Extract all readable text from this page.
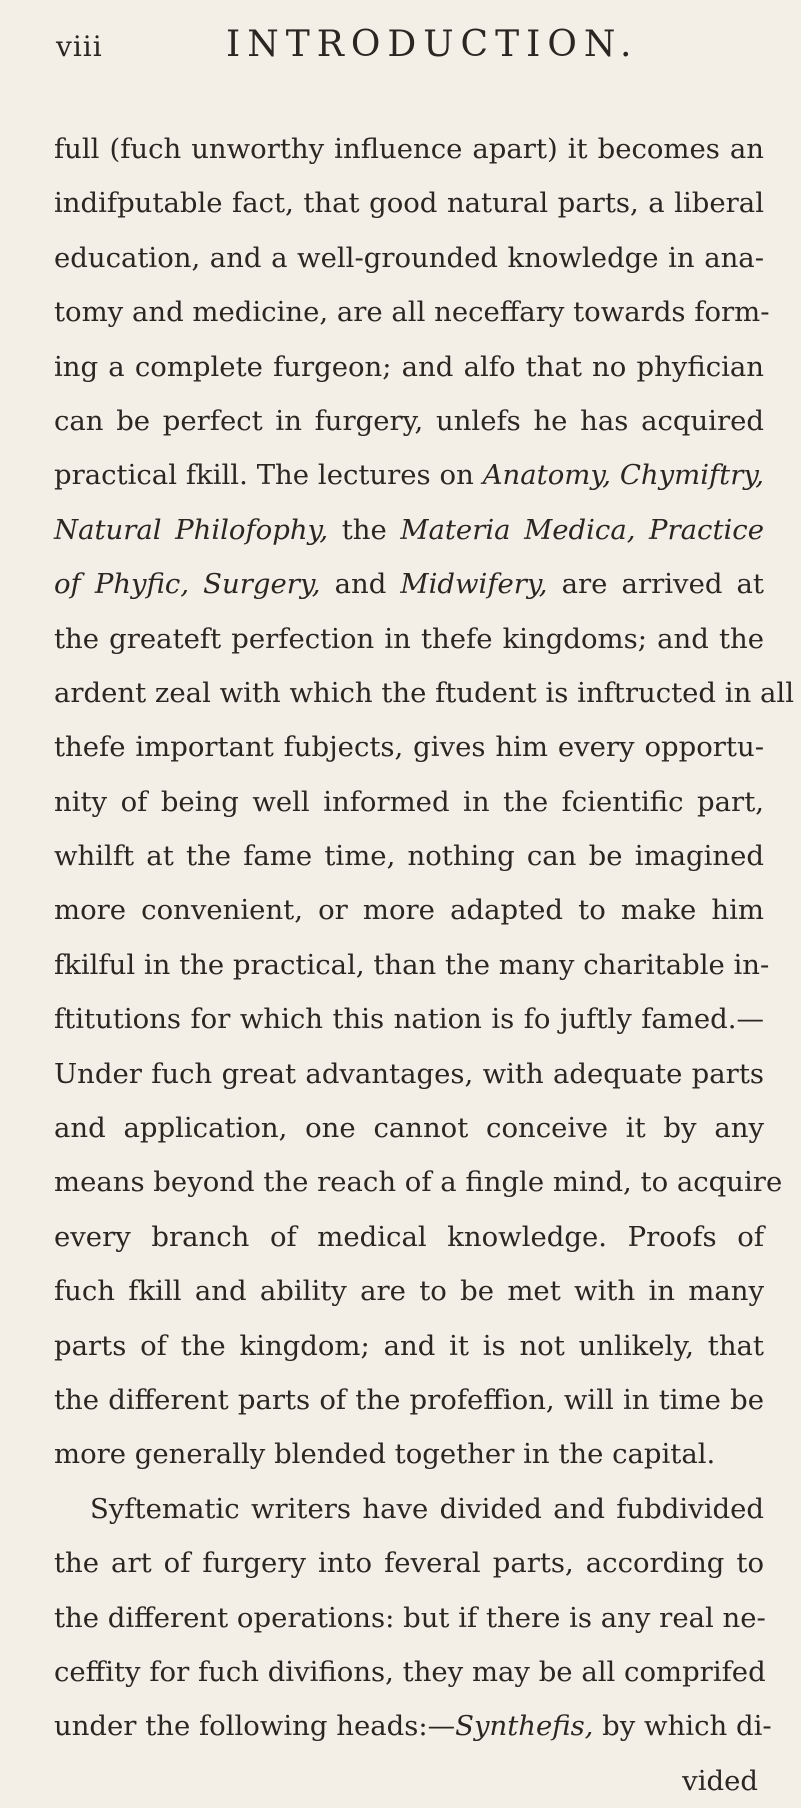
viii	INTRODUCTION.
full (fuch unworthy influence apart) it becomes an
indifputable fact, that good natural parts, a liberal
education, and a well-grounded knowledge in ana-
tomy and medicine, are all neceffary towards form-
ing a complete furgeon; and alfo that no phyfician
can be perfect in furgery, unlefs he has acquired
practical fkill. The lectures on Anatomy, Chymiftry,
Natural Philofophy, the Materia Medica, Practice
of Phyfic, Surgery, and Midwifery, are arrived at
the greateft perfection in thefe kingdoms; and the
ardent zeal with which the ftudent is inftructed in all
thefe important fubjects, gives him every opportu-
nity of being well informed in the fcientific part,
whilft at the fame time, nothing can be imagined
more convenient, or more adapted to make him
fkilful in the practical, than the many charitable in-
ftitutions for which this nation is fo juftly famed.—
Under fuch great advantages, with adequate parts
and application, one cannot conceive it by any
means beyond the reach of a fingle mind, to acquire
every branch of medical knowledge. Proofs of
fuch fkill and ability are to be met with in many
parts of the kingdom; and it is not unlikely, that
the different parts of the profeffion, will in time be
more generally blended together in the capital.
Syftematic writers have divided and fubdivided
the art of furgery into feveral parts, according to
the different operations: but if there is any real ne-
ceffity for fuch divifions, they may be all comprifed
under the following heads:—Synthefis, by which di-
vided
